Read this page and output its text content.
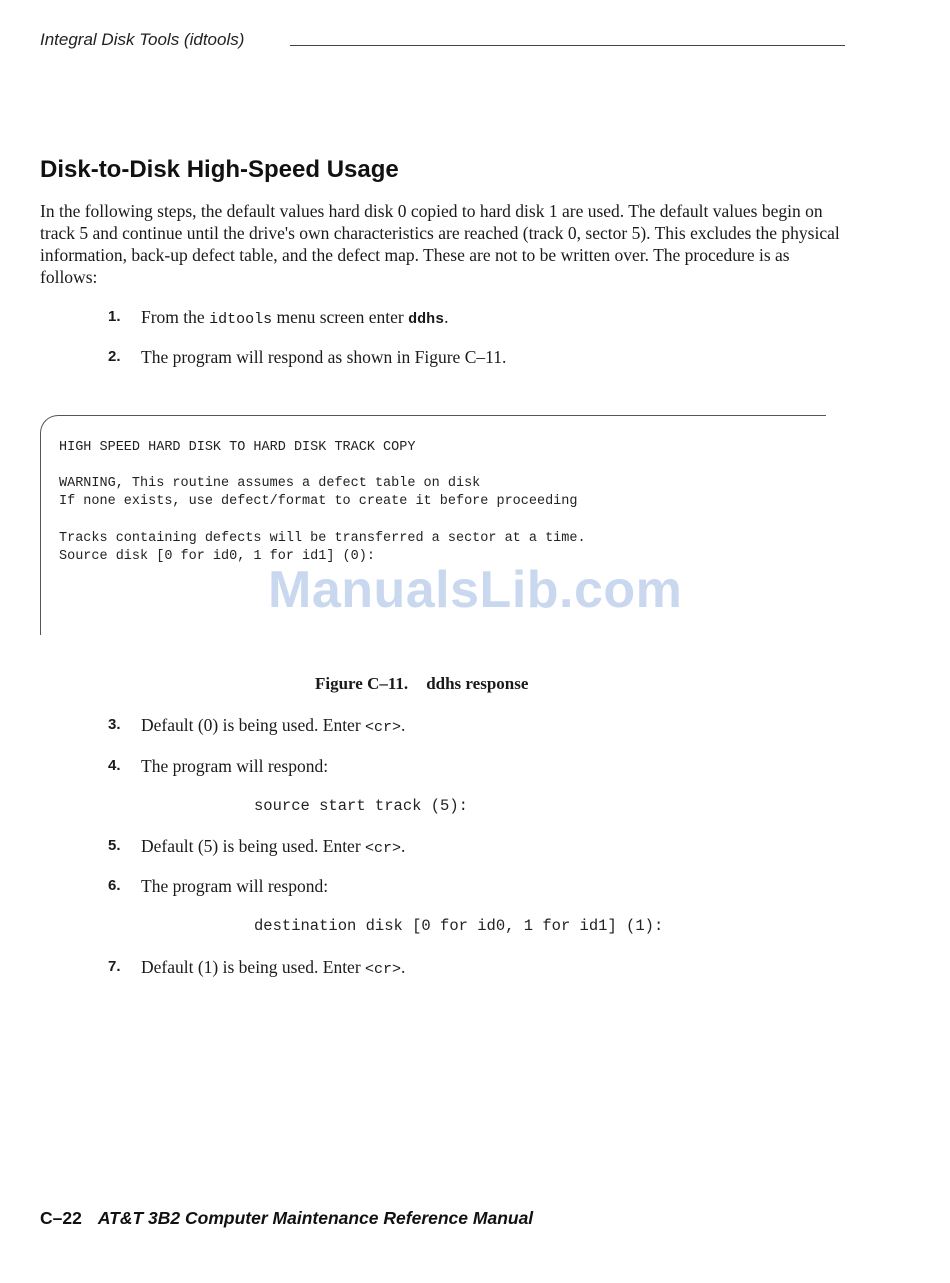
Integral Disk Tools (idtools)
Disk-to-Disk High-Speed Usage
In the following steps, the default values hard disk 0 copied to hard disk 1 are used. The default values begin on track 5 and continue until the drive's own characteristics are reached (track 0, sector 5). This excludes the physical information, back-up defect table, and the defect map. These are not to be written over. The procedure is as follows:
1. From the idtools menu screen enter ddhs.
2. The program will respond as shown in Figure C–11.
HIGH SPEED HARD DISK TO HARD DISK TRACK COPY
WARNING, This routine assumes a defect table on disk
If none exists, use defect/format to create it before proceeding
Tracks containing defects will be transferred a sector at a time.
Source disk [0 for id0, 1 for id1] (0):
ManualsLib.com
Figure C–11. ddhs response
3. Default (0) is being used. Enter <cr>.
4. The program will respond:
source start track (5):
5. Default (5) is being used. Enter <cr>.
6. The program will respond:
destination disk [0 for id0, 1 for id1] (1):
7. Default (1) is being used. Enter <cr>.
C–22 AT&T 3B2 Computer Maintenance Reference Manual
